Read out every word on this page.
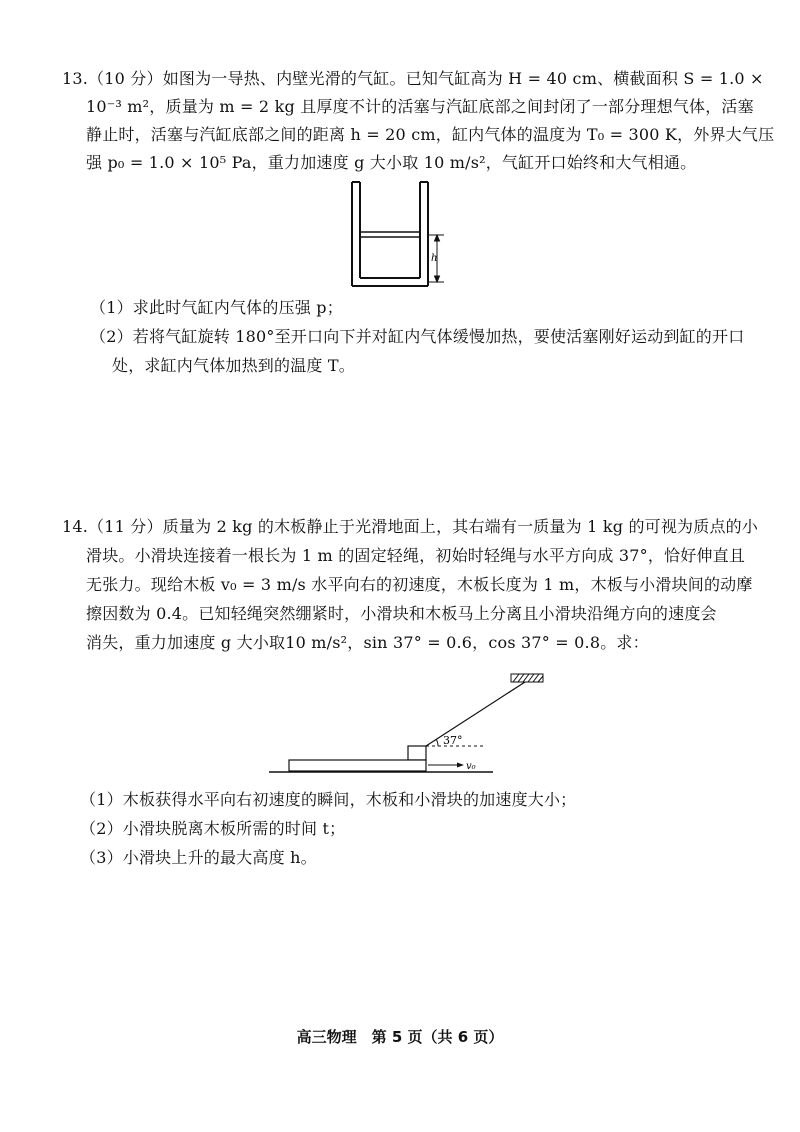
13.（10 分）如图为一导热、内壁光滑的气缸。已知气缸高为 H = 40 cm、横截面积 S = 1.0 ×
10⁻³ m²，质量为 m = 2 kg 且厚度不计的活塞与汽缸底部之间封闭了一部分理想气体，活塞
静止时，活塞与汽缸底部之间的距离 h = 20 cm，缸内气体的温度为 T₀ = 300 K，外界大气压
强 p₀ = 1.0 × 10⁵ Pa，重力加速度 g 大小取 10 m/s²，气缸开口始终和大气相通。
h
（1）求此时气缸内气体的压强 p；
（2）若将气缸旋转 180°至开口向下并对缸内气体缓慢加热，要使活塞刚好运动到缸的开口
处，求缸内气体加热到的温度 T。
14.（11 分）质量为 2 kg 的木板静止于光滑地面上，其右端有一质量为 1 kg 的可视为质点的小
滑块。小滑块连接着一根长为 1 m 的固定轻绳，初始时轻绳与水平方向成 37°，恰好伸直且
无张力。现给木板 v₀ = 3 m/s 水平向右的初速度，木板长度为 1 m，木板与小滑块间的动摩
擦因数为 0.4。已知轻绳突然绷紧时，小滑块和木板马上分离且小滑块沿绳方向的速度会
消失，重力加速度 g 大小取10 m/s²，sin 37° = 0.6，cos 37° = 0.8。求：
37°
v₀
（1）木板获得水平向右初速度的瞬间，木板和小滑块的加速度大小；
（2）小滑块脱离木板所需的时间 t；
（3）小滑块上升的最大高度 h。
高三物理　第 5 页（共 6 页）
